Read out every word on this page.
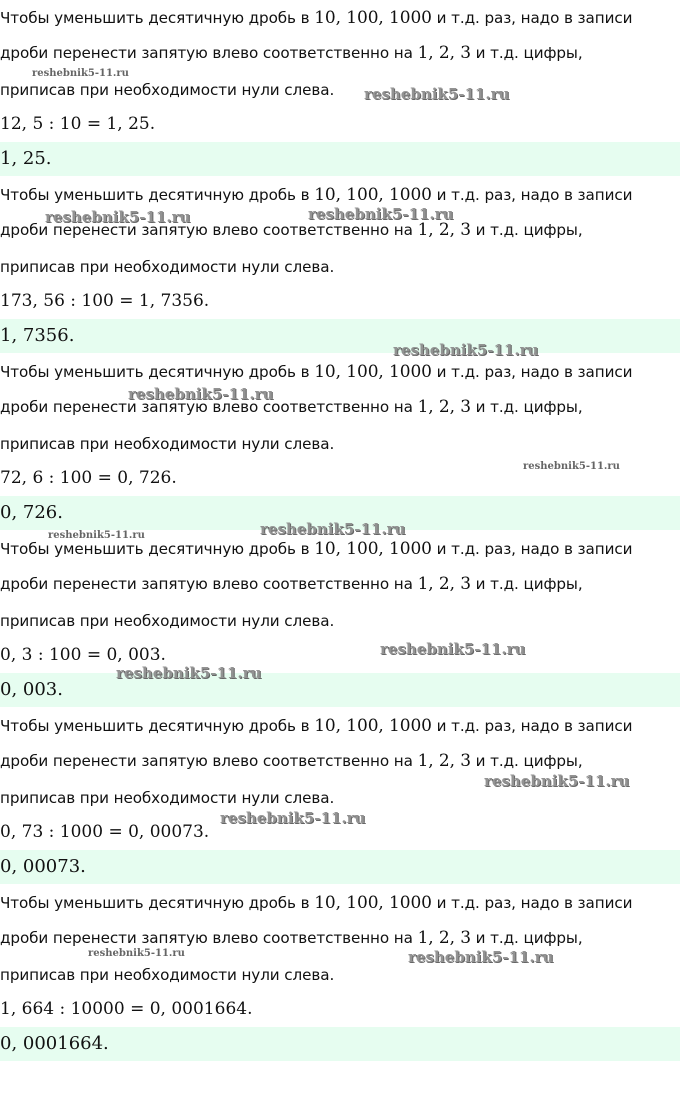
Чтобы уменьшить десятичную дробь в 10, 100, 1000 и т.д. раз, надо в записи
дроби перенести запятую влево соответственно на 1, 2, 3 и т.д. цифры,
приписав при необходимости нули слева.
12, 5 : 10 = 1, 25.
1, 25.
Чтобы уменьшить десятичную дробь в 10, 100, 1000 и т.д. раз, надо в записи
дроби перенести запятую влево соответственно на 1, 2, 3 и т.д. цифры,
приписав при необходимости нули слева.
173, 56 : 100 = 1, 7356.
1, 7356.
Чтобы уменьшить десятичную дробь в 10, 100, 1000 и т.д. раз, надо в записи
дроби перенести запятую влево соответственно на 1, 2, 3 и т.д. цифры,
приписав при необходимости нули слева.
72, 6 : 100 = 0, 726.
0, 726.
Чтобы уменьшить десятичную дробь в 10, 100, 1000 и т.д. раз, надо в записи
дроби перенести запятую влево соответственно на 1, 2, 3 и т.д. цифры,
приписав при необходимости нули слева.
0, 3 : 100 = 0, 003.
0, 003.
Чтобы уменьшить десятичную дробь в 10, 100, 1000 и т.д. раз, надо в записи
дроби перенести запятую влево соответственно на 1, 2, 3 и т.д. цифры,
приписав при необходимости нули слева.
0, 73 : 1000 = 0, 00073.
0, 00073.
Чтобы уменьшить десятичную дробь в 10, 100, 1000 и т.д. раз, надо в записи
дроби перенести запятую влево соответственно на 1, 2, 3 и т.д. цифры,
приписав при необходимости нули слева.
1, 664 : 10000 = 0, 0001664.
0, 0001664.
reshebnik5-11.ru
reshebnik5-11.ru
reshebnik5-11.ru	reshebnik5-11.ru
reshebnik5-11.ru
reshebnik5-11.ru
reshebnik5-11.ru
reshebnik5-11.ru	reshebnik5-11.ru
reshebnik5-11.ru
reshebnik5-11.ru
reshebnik5-11.ru
reshebnik5-11.ru
reshebnik5-11.ru	reshebnik5-11.ru
